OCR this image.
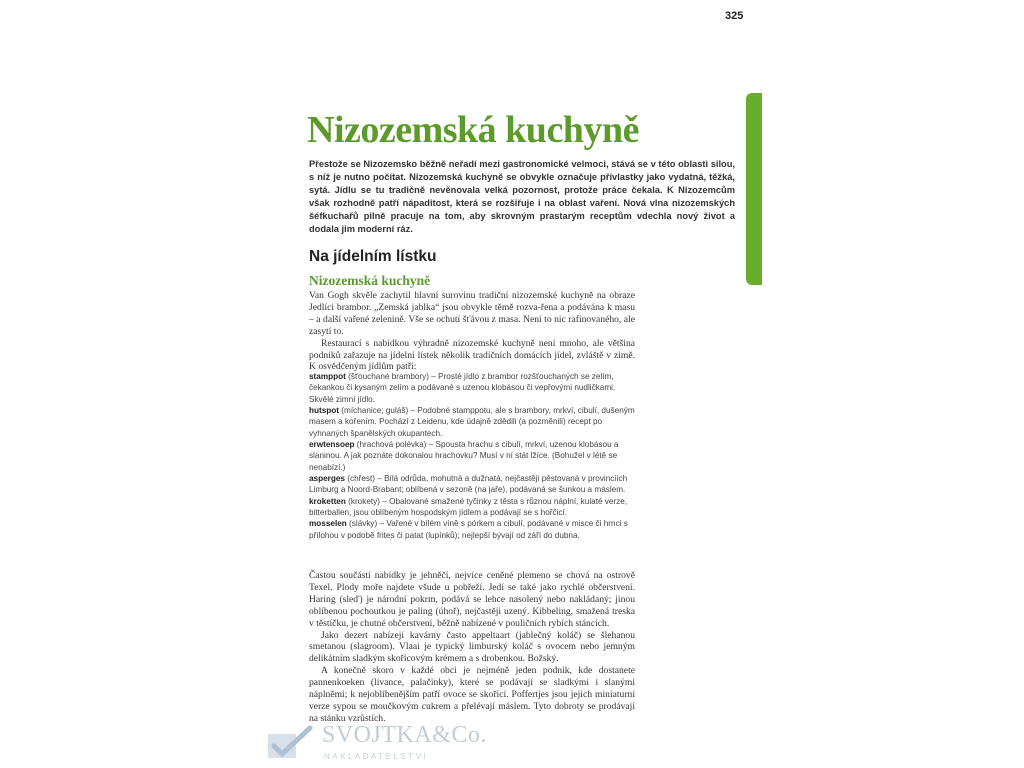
325
Nizozemská kuchyně

Přestože se Nizozemsko běžně neřadí mezi gastronomické velmoci, stává se v této oblasti silou, s níž je nutno počítat. Nizozemská kuchyně se obvykle označuje přívlastky jako vydatná, těžká, sytá. Jídlu se tu tradičně nevěnovala velká pozornost, protože práce čekala. K Nizozemcům však rozhodně patří nápaditost, která se rozšiřuje i na oblast vaření. Nová vlna nizozemských šéfkuchařů pilně pracuje na tom, aby skrovným prastarým receptům vdechla nový život a dodala jim moderní ráz.

Na jídelním lístku
Nizozemská kuchyně

Van Gogh skvěle zachytil hlavní surovinu tradiční nizozemské kuchyně na obraze Jedlíci brambor. „Zemská jablka“ jsou obvykle těmě rozva-řena a podávána k masu – a další vařené zelenině. Vše se ochutí šťávou z masa. Není to nic rafinovaného, ale zasytí to.

Restaurací s nabídkou výhradně nizozemské kuchyně není mnoho, ale většina podniků zařazuje na jídelní lístek několik tradičních domácích jídel, zvláště v zimě. K osvědčeným jídlům patří:

stamppot (šťouchané brambory) – Prosté jídlo z brambor rozšťouchaných se zelím, čekankou či kysaným zelím a podávané s uzenou klobásou či vepřovými nudličkami. Skvělé zimní jídlo.

hutspot (míchanice; guláš) – Podobné stamppotu, ale s brambory, mrkví, cibulí, dušeným masem a kořením. Pochází z Leidenu, kde údajně zdědili (a pozměnili) recept po vyhnaných španělských okupantech.

erwtensoep (hrachová polévka) – Spousta hrachu s cibulí, mrkví, uzenou klobásou a slaninou. A jak poznáte dokonalou hrachovku? Musí v ní stát lžíce. (Bohužel v létě se nenabízí.)

asperges (chřest) – Bílá odrůda, mohutná a dužnatá, nejčastěji pěstovaná v provinciích Limburg a Noord-Brabant; oblíbená v sezoně (na jaře), podávaná se šunkou a máslem.

kroketten (krokety) – Obalované smažené tyčinky z těsta s různou náplní, kulaté verze, bitterballen, jsou oblíbeným hospodským jídlem a podávají se s hořčicí.

mosselen (slávky) – Vařené v bílém víně s pórkem a cibulí, podávané v misce či hrnci s přílohou v podobě frites či patat (lupínků); nejlepší bývají od září do dubna.

Častou součástí nabídky je jehněčí, nejvíce ceněné plemeno se chová na ostrově Texel. Plody moře najdete všude u pobřeží. Jedí se také jako rychlé občerstvení. Haring (sleď) je národní pokrm, podává se lehce nasolený nebo nakládaný; jinou oblíbenou pochoutkou je paling (úhoř), nejčastěji uzený. Kibbeling, smažená treska v těstíčku, je chutné občerstvení, běžně nabízené v pouličních rybích stáncích.

Jako dezert nabízejí kavárny často appeltaart (jablečný koláč) se šlehanou smetanou (slagroom). Vlaai je typický limburský koláč s ovocem nebo jemným delikátním sladkým skořicovým krémem a s drobenkou. Božský.

A konečně skoro v každé obci je nejméně jeden podnik, kde dostanete pannenkoeken (lívance, palačinky), které se podávají se sladkými i slanými náplněmi; k nejoblíbenějším patří ovoce se skořicí. Poffertjes jsou jejich miniaturní verze sypou se moučkovým cukrem a přelévají máslem. Tyto dobroty se prodávají na stánku vzrůstích.

SVOJTKA&Co.
NAKLADATELSTVÍ
